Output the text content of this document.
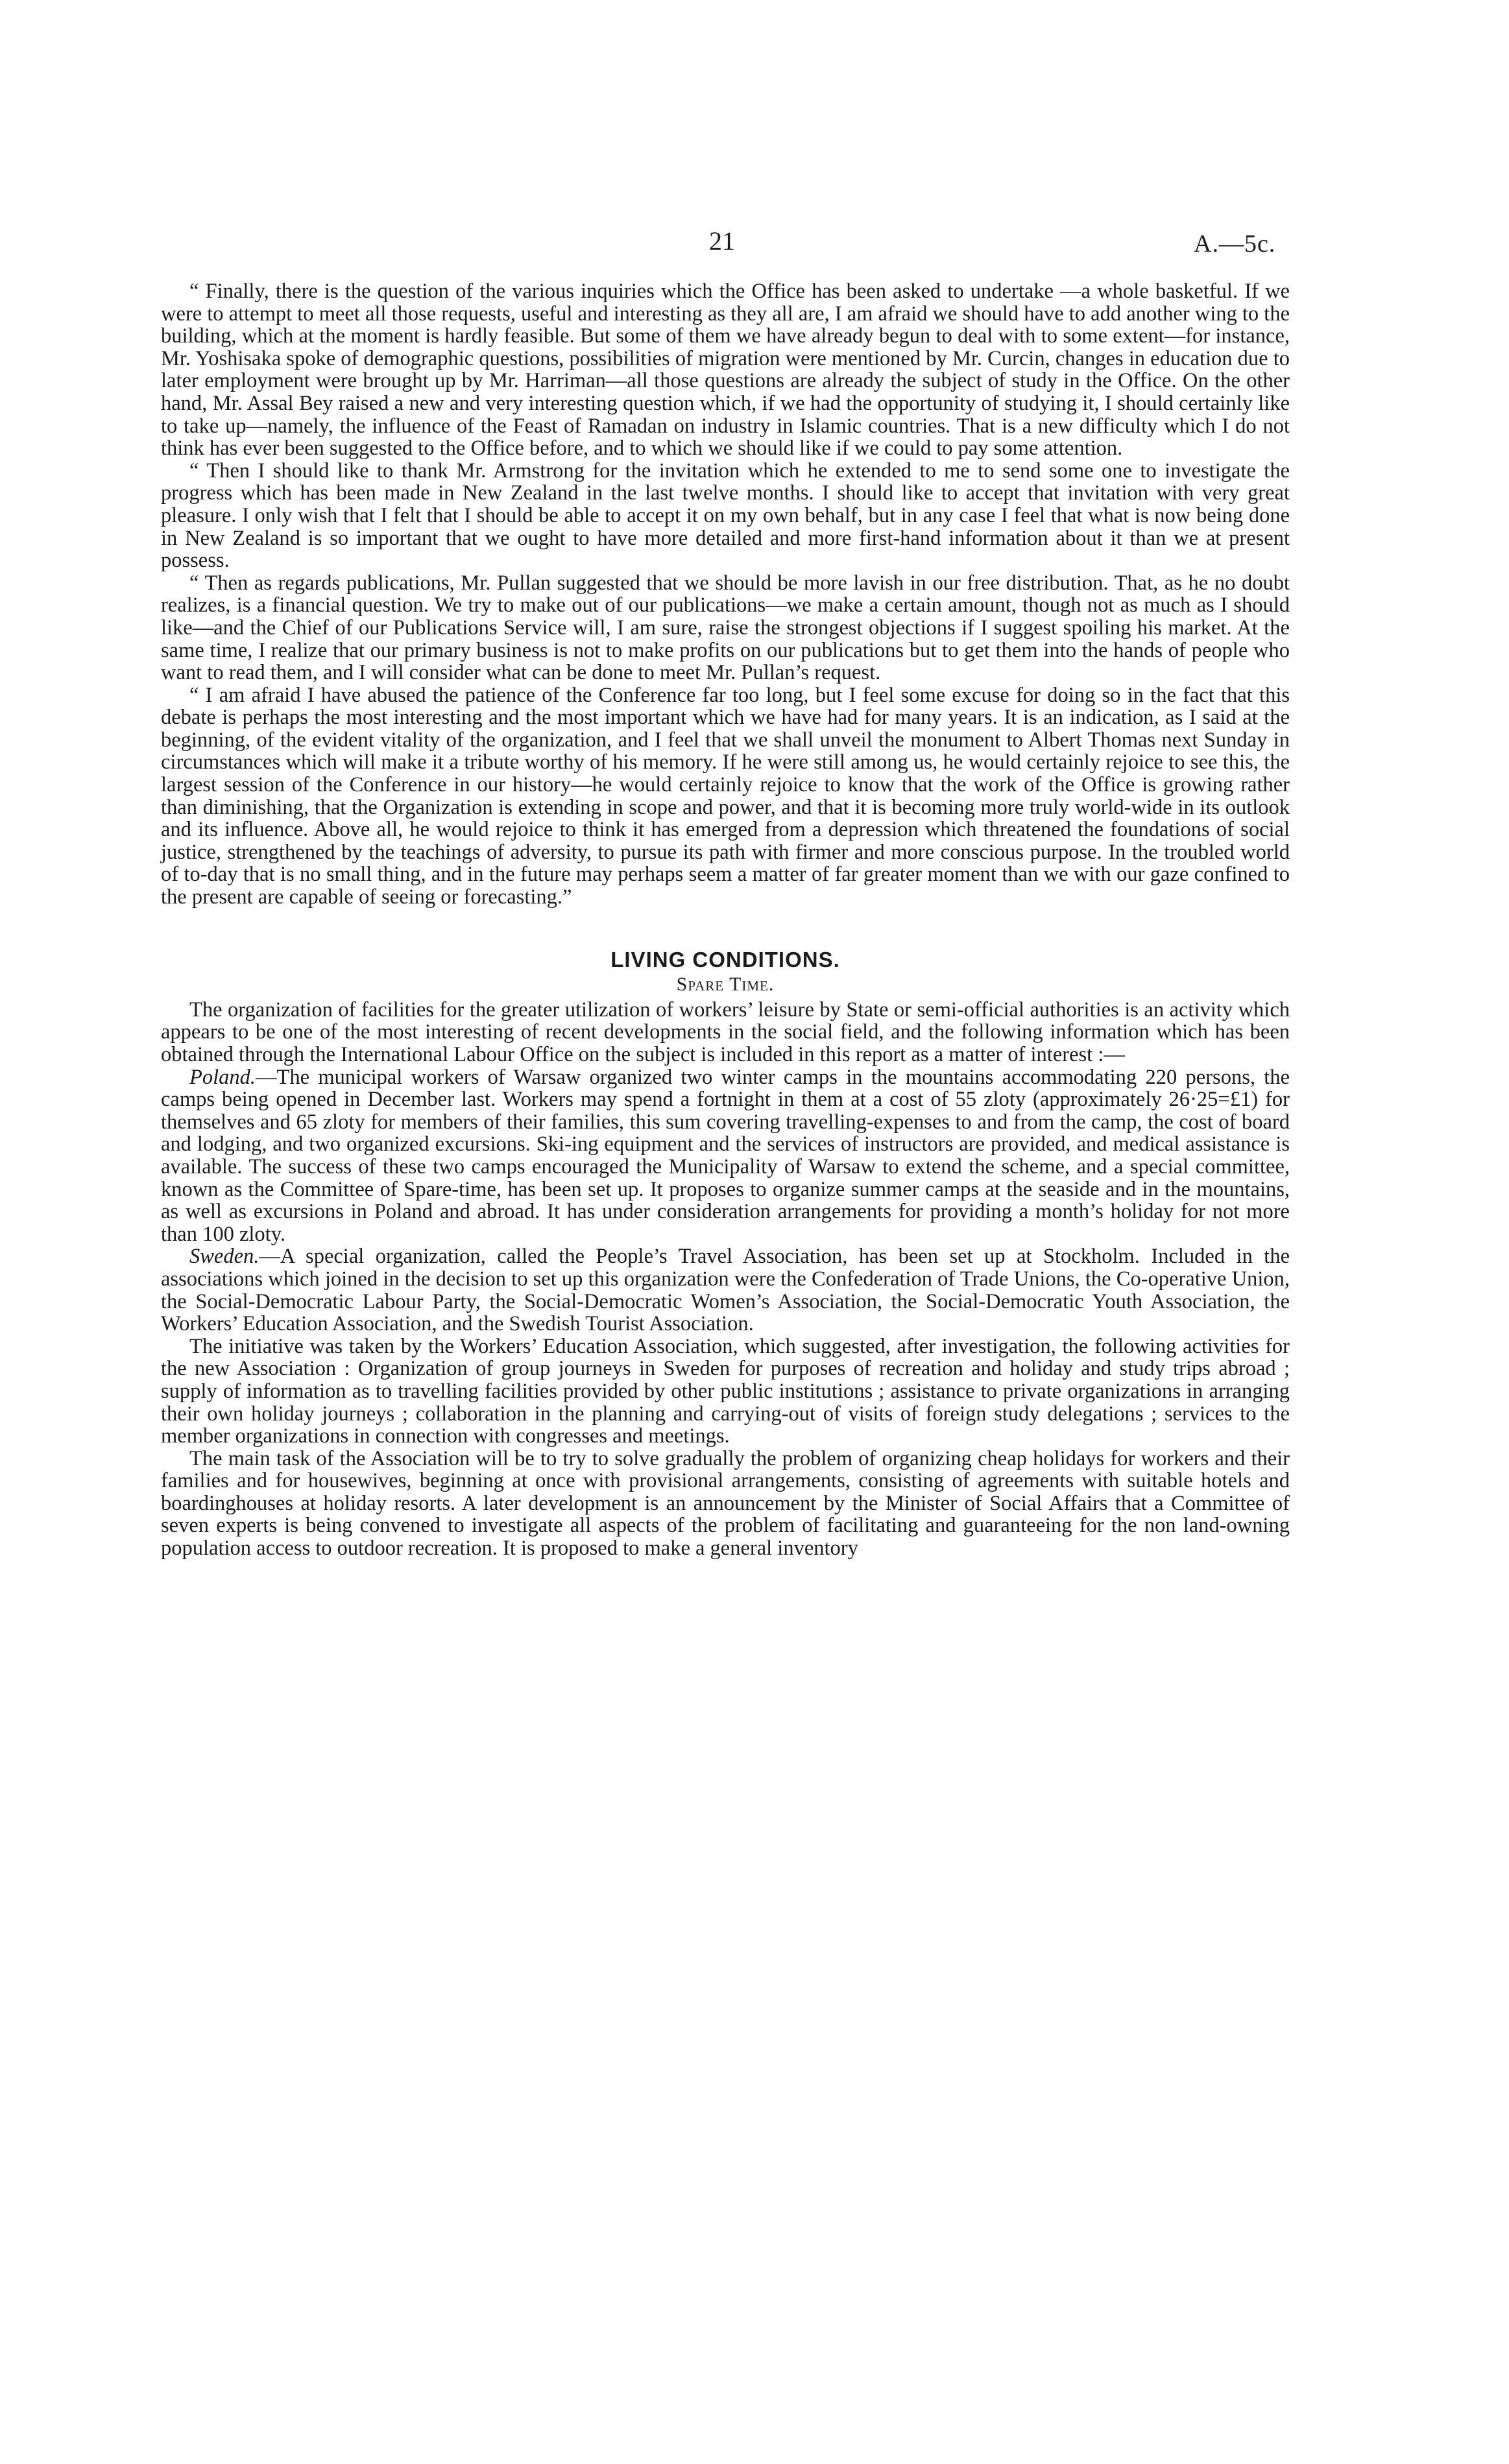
21	A.—5c.

“ Finally, there is the question of the various inquiries which the Office has been asked to undertake —a whole basketful. If we were to attempt to meet all those requests, useful and interesting as they all are, I am afraid we should have to add another wing to the building, which at the moment is hardly feasible. But some of them we have already begun to deal with to some extent—for instance, Mr. Yoshisaka spoke of demographic questions, possibilities of migration were mentioned by Mr. Curcin, changes in education due to later employment were brought up by Mr. Harriman—all those questions are already the subject of study in the Office. On the other hand, Mr. Assal Bey raised a new and very interesting question which, if we had the opportunity of studying it, I should certainly like to take up—namely, the influence of the Feast of Ramadan on industry in Islamic countries. That is a new difficulty which I do not think has ever been suggested to the Office before, and to which we should like if we could to pay some attention.

“ Then I should like to thank Mr. Armstrong for the invitation which he extended to me to send some one to investigate the progress which has been made in New Zealand in the last twelve months. I should like to accept that invitation with very great pleasure. I only wish that I felt that I should be able to accept it on my own behalf, but in any case I feel that what is now being done in New Zealand is so important that we ought to have more detailed and more first-hand information about it than we at present possess.

“ Then as regards publications, Mr. Pullan suggested that we should be more lavish in our free distribution. That, as he no doubt realizes, is a financial question. We try to make out of our publications—we make a certain amount, though not as much as I should like—and the Chief of our Publications Service will, I am sure, raise the strongest objections if I suggest spoiling his market. At the same time, I realize that our primary business is not to make profits on our publications but to get them into the hands of people who want to read them, and I will consider what can be done to meet Mr. Pullan’s request.

“ I am afraid I have abused the patience of the Conference far too long, but I feel some excuse for doing so in the fact that this debate is perhaps the most interesting and the most important which we have had for many years. It is an indication, as I said at the beginning, of the evident vitality of the organization, and I feel that we shall unveil the monument to Albert Thomas next Sunday in circumstances which will make it a tribute worthy of his memory. If he were still among us, he would certainly rejoice to see this, the largest session of the Conference in our history—he would certainly rejoice to know that the work of the Office is growing rather than diminishing, that the Organization is extending in scope and power, and that it is becoming more truly world-wide in its outlook and its influence. Above all, he would rejoice to think it has emerged from a depression which threatened the foundations of social justice, strengthened by the teachings of adversity, to pursue its path with firmer and more conscious purpose. In the troubled world of to-day that is no small thing, and in the future may perhaps seem a matter of far greater moment than we with our gaze confined to the present are capable of seeing or forecasting.”

LIVING CONDITIONS.
Spare Time.

The organization of facilities for the greater utilization of workers’ leisure by State or semi-official authorities is an activity which appears to be one of the most interesting of recent developments in the social field, and the following information which has been obtained through the International Labour Office on the subject is included in this report as a matter of interest :—

Poland.—The municipal workers of Warsaw organized two winter camps in the mountains accommodating 220 persons, the camps being opened in December last. Workers may spend a fortnight in them at a cost of 55 zloty (approximately 26·25=£1) for themselves and 65 zloty for members of their families, this sum covering travelling-expenses to and from the camp, the cost of board and lodging, and two organized excursions. Ski-ing equipment and the services of instructors are provided, and medical assistance is available. The success of these two camps encouraged the Municipality of Warsaw to extend the scheme, and a special committee, known as the Committee of Spare-time, has been set up. It proposes to organize summer camps at the seaside and in the mountains, as well as excursions in Poland and abroad. It has under consideration arrangements for providing a month’s holiday for not more than 100 zloty.

Sweden.—A special organization, called the People’s Travel Association, has been set up at Stockholm. Included in the associations which joined in the decision to set up this organization were the Confederation of Trade Unions, the Co-operative Union, the Social-Democratic Labour Party, the Social-Democratic Women’s Association, the Social-Democratic Youth Association, the Workers’ Education Association, and the Swedish Tourist Association.

The initiative was taken by the Workers’ Education Association, which suggested, after investigation, the following activities for the new Association : Organization of group journeys in Sweden for purposes of recreation and holiday and study trips abroad ; supply of information as to travelling facilities provided by other public institutions ; assistance to private organizations in arranging their own holiday journeys ; collaboration in the planning and carrying-out of visits of foreign study delegations ; services to the member organizations in connection with congresses and meetings.

The main task of the Association will be to try to solve gradually the problem of organizing cheap holidays for workers and their families and for housewives, beginning at once with provisional arrangements, consisting of agreements with suitable hotels and boardinghouses at holiday resorts. A later development is an announcement by the Minister of Social Affairs that a Committee of seven experts is being convened to investigate all aspects of the problem of facilitating and guaranteeing for the non land-owning population access to outdoor recreation. It is proposed to make a general inventory
